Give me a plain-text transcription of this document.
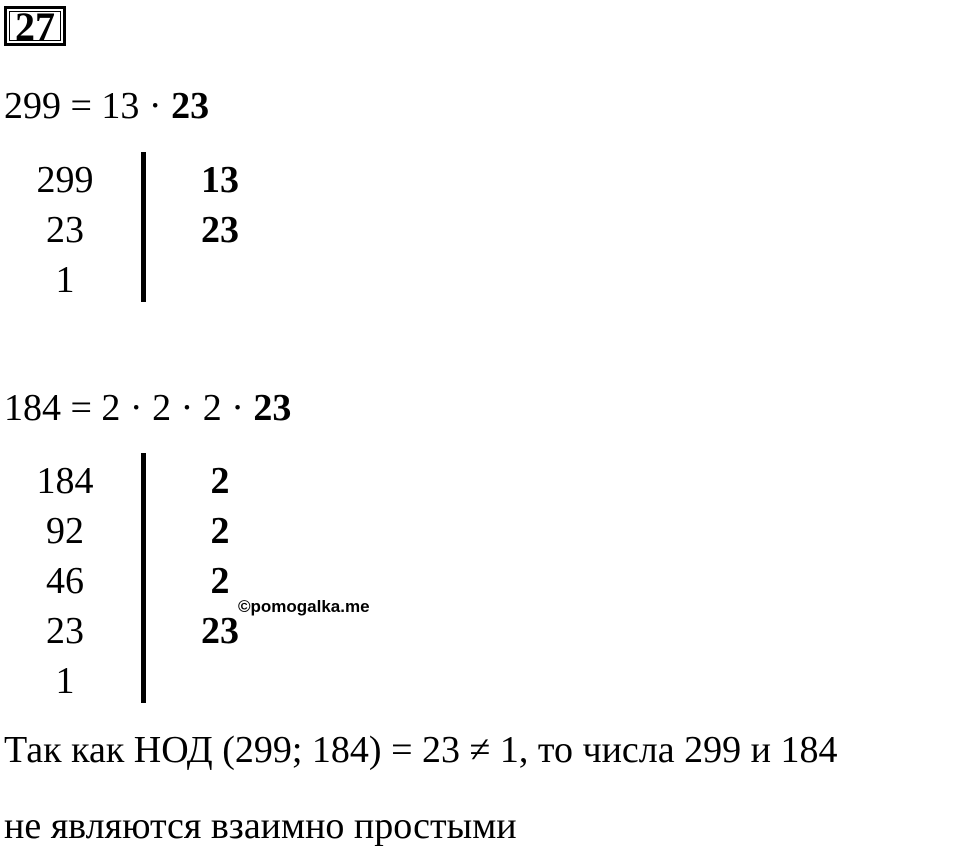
27
299 = 13 · 23
299
23
1
13
23
184 = 2 · 2 · 2 · 23
184
92
46
23
1
2
2
2
23
©pomogalka.me
Так как НОД (299; 184) = 23 ≠ 1, то числа 299 и 184
не являются взаимно простыми
